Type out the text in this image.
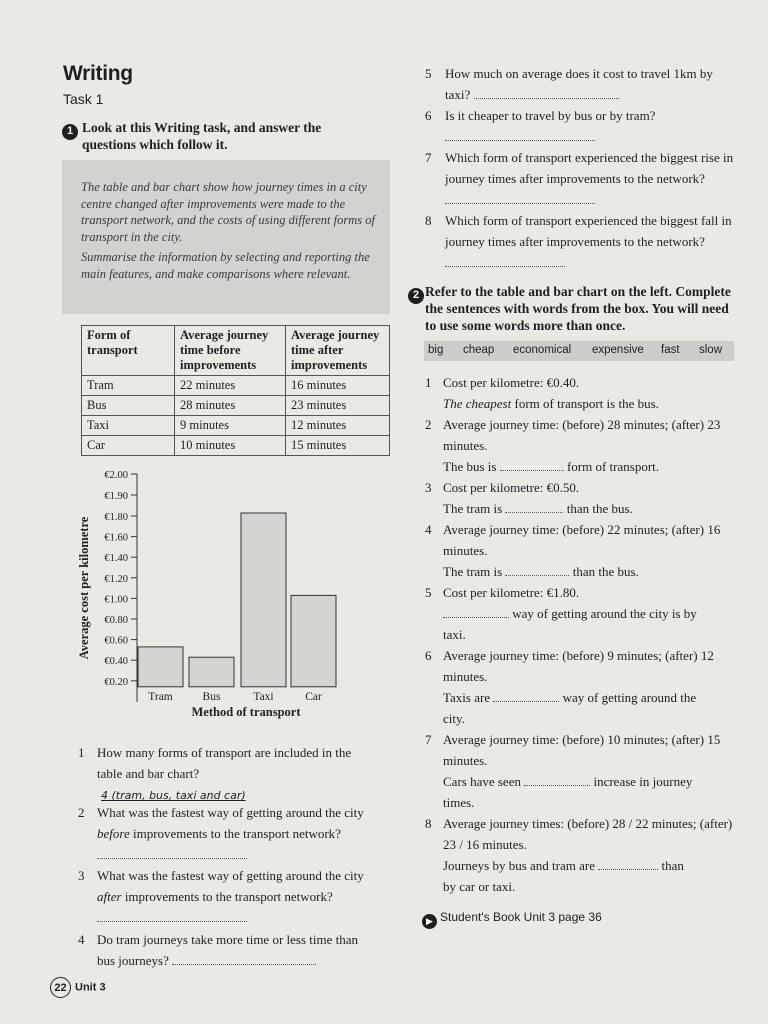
Writing
Task 1
1 Look at this Writing task, and answer the questions which follow it.

The table and bar chart show how journey times in a city centre changed after improvements were made to the transport network, and the costs of using different forms of transport in the city.

Summarise the information by selecting and reporting the main features, and make comparisons where relevant.

Form of transport	Average journey time before improvements	Average journey time after improvements
Tram	22 minutes	16 minutes
Bus	28 minutes	23 minutes
Taxi	9 minutes	12 minutes
Car	10 minutes	15 minutes
€0.20
€0.40
€0.60
€0.80
€1.00
€1.20
€1.40
€1.60
€1.80
€1.90
€2.00
Average cost per kilometre
Tram	Bus	Taxi	Car
Method of transport
1 How many forms of transport are included in the table and bar chart?
4 (tram, bus, taxi and car)
2 What was the fastest way of getting around the city before improvements to the transport network?
3 What was the fastest way of getting around the city after improvements to the transport network?
4 Do tram journeys take more time or less time than bus journeys?
22 Unit 3
5 How much on average does it cost to travel 1km by taxi?
6 Is it cheaper to travel by bus or by tram?

7 Which form of transport experienced the biggest rise in journey times after improvements to the network?
8 Which form of transport experienced the biggest fall in journey times after improvements to the network?
2 Refer to the table and bar chart on the left. Complete the sentences with words from the box. You will need to use some words more than once.
big cheap economical expensive fast slow
1 Cost per kilometre: €0.40.
The cheapest form of transport is the bus.
2 Average journey time: (before) 28 minutes; (after) 23 minutes.
The bus is	form of transport.
3 Cost per kilometre: €0.50.
The tram is	than the bus.
4 Average journey time: (before) 22 minutes; (after) 16 minutes.
The tram is	than the bus.
5 Cost per kilometre: €1.80.
way of getting around the city is by
taxi.
6 Average journey time: (before) 9 minutes; (after) 12 minutes.
Taxis are	way of getting around the
city.
7 Average journey time: (before) 10 minutes; (after) 15 minutes.
Cars have seen	increase in journey
times.
8 Average journey times: (before) 28 / 22 minutes; (after) 23 / 16 minutes.
Journeys by bus and tram are	than
by car or taxi.
▶ Student's Book Unit 3 page 36
